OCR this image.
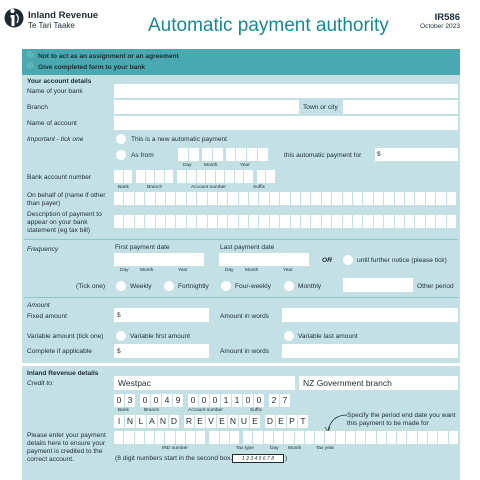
Inland Revenue
Te Tari Taake	Automatic payment authority	IR586
October 2023
ⓘ Not to act as an assignment or an agreement
ⓘ Give completed form to your bank
Your account details
Name of your bank
Branch	Town or city
Name of account
Important - tick one	This is a new automatic payment
As from
Day	Month	Year
this automatic payment for $
Bank account number
Bank	Branch	Account number	Suffix
On behalf of (name if other than payer)
Description of payment to appear on your bank statement (eg tax bill)
Frequency	First payment date
Day Month	Year
Last payment date
Day Month	Year
OR	until further notice (please tick)
(Tick one)	Weekly	Fortnightly	Four-weekly	Monthly	Other period
Amount
Fixed amount	$	Amount in words
Variable amount (tick one)	Variable first amount	Variable last amount
Complete if applicable	$	Amount in words
Inland Revenue details
Credit to:	Westpac	NZ Government branch
0 3	0 0 4 9	0 0 0 1 1 0 0	2 7
Bank	Branch	Account number	Suffix
I N L A N D R E V E N U E D E P T
Specify the period end date you want this payment to be made for
Please enter your payment details here to ensure your payment is credited to the correct account.
IRD number	Tax type	Day Month	Tax year
(8 digit numbers start in the second box.	1 2 3 4 5 6 7 8	)
